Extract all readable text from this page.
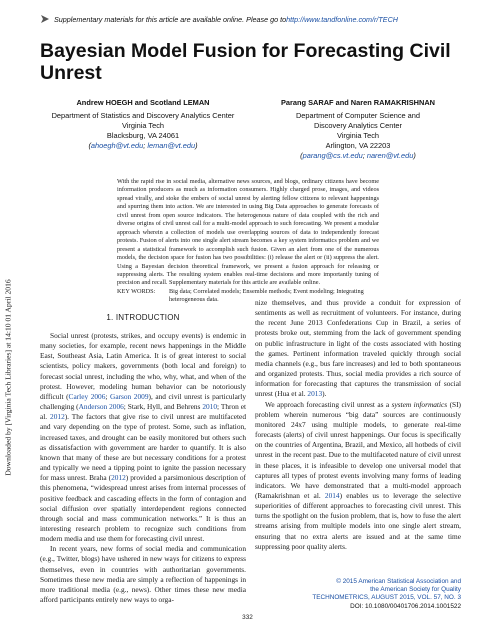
Downloaded by [Virginia Tech Libraries] at 14:10 01 April 2016
Supplementary materials for this article are available online. Please go to http://www.tandfonline.com/r/TECH
Bayesian Model Fusion for Forecasting Civil Unrest
Andrew HOEGH and Scotland LEMAN
Department of Statistics and Discovery Analytics Center
Virginia Tech
Blacksburg, VA 24061
(ahoegh@vt.edu; leman@vt.edu)
Parang SARAF and Naren RAMAKRISHNAN
Department of Computer Science and
Discovery Analytics Center
Virginia Tech
Arlington, VA 22203
(parang@cs.vt.edu; naren@vt.edu)

With the rapid rise in social media, alternative news sources, and blogs, ordinary citizens have become information producers as much as information consumers. Highly charged prose, images, and videos spread virally, and stoke the embers of social unrest by alerting fellow citizens to relevant happenings and spurring them into action. We are interested in using Big Data approaches to generate forecasts of civil unrest from open source indicators. The heterogenous nature of data coupled with the rich and diverse origins of civil unrest call for a multi-model approach to such forecasting. We present a modular approach wherein a collection of models use overlapping sources of data to independently forecast protests. Fusion of alerts into one single alert stream becomes a key system informatics problem and we present a statistical framework to accomplish such fusion. Given an alert from one of the numerous models, the decision space for fusion has two possibilities: (i) release the alert or (ii) suppress the alert. Using a Bayesian decision theoretical framework, we present a fusion approach for releasing or suppressing alerts. The resulting system enables real-time decisions and more importantly tuning of precision and recall. Supplementary materials for this article are available online.

KEY WORDS:	Big data; Correlated models; Ensemble methods; Event modeling; Integrating heterogeneous data.
1. INTRODUCTION

Social unrest (protests, strikes, and occupy events) is endemic in many societies, for example, recent news happenings in the Middle East, Southeast Asia, Latin America. It is of great interest to social scientists, policy makers, governments (both local and foreign) to forecast social unrest, including the who, why, what, and when of the protest. However, modeling human behavior can be notoriously difficult (Carley 2006; Garson 2009), and civil unrest is particularly challenging (Anderson 2006; Stark, Hyll, and Behrens 2010; Thron et al. 2012). The factors that give rise to civil unrest are multifaceted and vary depending on the type of protest. Some, such as inflation, increased taxes, and drought can be easily monitored but others such as dissatisfaction with government are harder to quantify. It is also known that many of these are but necessary conditions for a protest and typically we need a tipping point to ignite the passion necessary for mass unrest. Braha (2012) provided a parsimonious description of this phenomena, “widespread unrest arises from internal processes of positive feedback and cascading effects in the form of contagion and social diffusion over spatially interdependent regions connected through social and mass communication networks.” It is thus an interesting research problem to recognize such conditions from modern media and use them for forecasting civil unrest.

In recent years, new forms of social media and communication (e.g., Twitter, blogs) have ushered in new ways for citizens to express themselves, even in countries with authoritarian governments. Sometimes these new media are simply a reflection of happenings in more traditional media (e.g., news). Other times these new media afford participants entirely new ways to orga-

nize themselves, and thus provide a conduit for expression of sentiments as well as recruitment of volunteers. For instance, during the recent June 2013 Confederations Cup in Brazil, a series of protests broke out, stemming from the lack of government spending on public infrastructure in light of the costs associated with hosting the games. Pertinent information traveled quickly through social media channels (e.g., bus fare increases) and led to both spontaneous and organized protests. Thus, social media provides a rich source of information for forecasting that captures the transmission of social unrest (Hua et al. 2013).

We approach forecasting civil unrest as a system informatics (SI) problem wherein numerous “big data” sources are continuously monitored 24x7 using multiple models, to generate real-time forecasts (alerts) of civil unrest happenings. Our focus is specifically on the countries of Argentina, Brazil, and Mexico, all hotbeds of civil unrest in the recent past. Due to the multifaceted nature of civil unrest in these places, it is infeasible to develop one universal model that captures all types of protest events involving many forms of leading indicators. We have demonstrated that a multi-model approach (Ramakrishnan et al. 2014) enables us to leverage the selective superiorities of different approaches to forecasting civil unrest. This turns the spotlight on the fusion problem, that is, how to fuse the alert streams arising from multiple models into one single alert stream, ensuring that no extra alerts are issued and at the same time suppressing poor quality alerts.

© 2015 American Statistical Association and
the American Society for Quality
TECHNOMETRICS, AUGUST 2015, VOL. 57, NO. 3
DOI: 10.1080/00401706.2014.1001522
332
